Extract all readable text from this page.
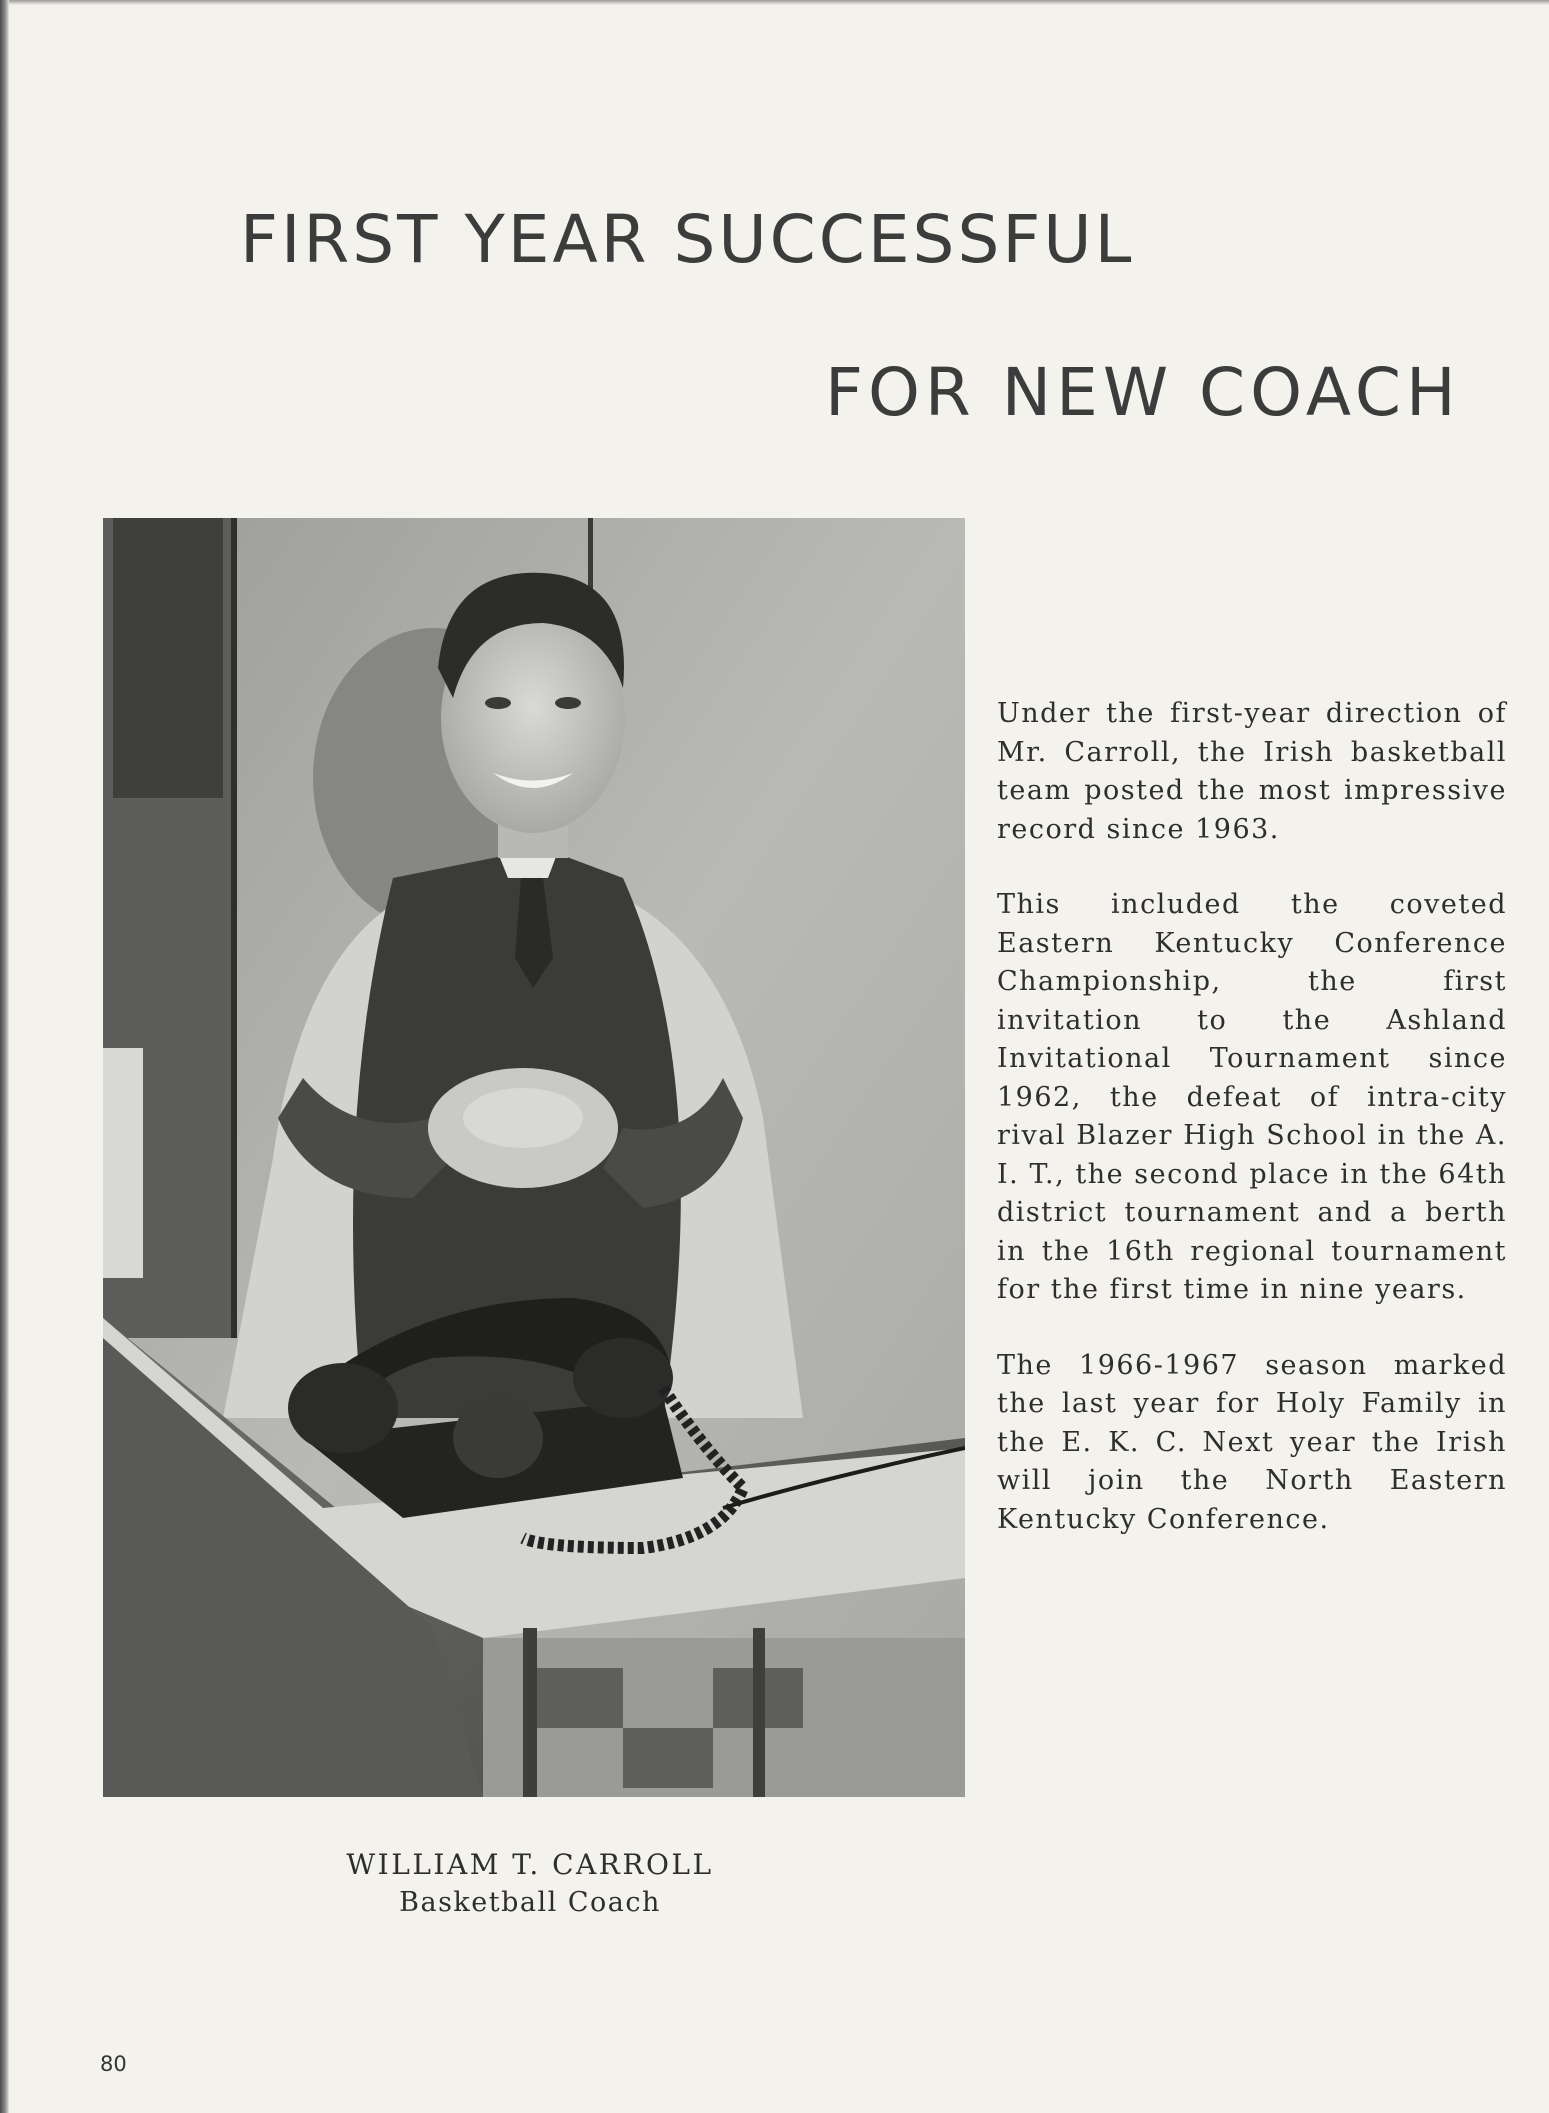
FIRST YEAR SUCCESSFUL
FOR NEW COACH

Under the first-year direction of Mr. Carroll, the Irish basketball team posted the most impressive record since 1963.

This included the coveted Eastern Kentucky Conference Championship, the first invitation to the Ashland Invitational Tournament since 1962, the defeat of intra-city rival Blazer High School in the A. I. T., the second place in the 64th district tournament and a berth in the 16th regional tournament for the first time in nine years.

The 1966-1967 season marked the last year for Holy Family in the E. K. C. Next year the Irish will join the North Eastern Kentucky Conference.

WILLIAM T. CARROLL
Basketball Coach
80
